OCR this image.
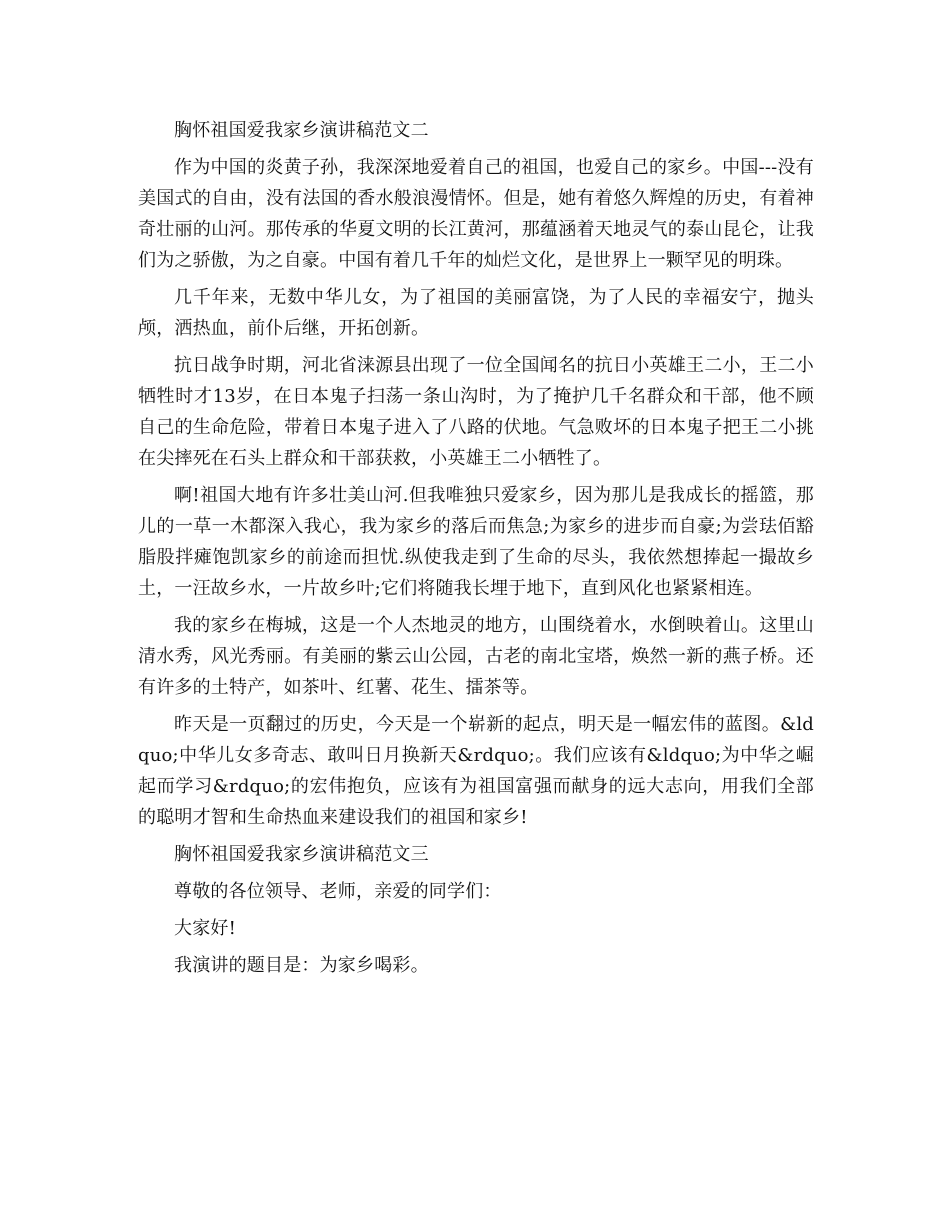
胸怀祖国爱我家乡演讲稿范文二

作为中国的炎黄子孙，我深深地爱着自己的祖国，也爱自己的家乡。中国---没有美国式的自由，没有法国的香水般浪漫情怀。但是，她有着悠久辉煌的历史，有着神奇壮丽的山河。那传承的华夏文明的长江黄河，那蕴涵着天地灵气的泰山昆仑，让我们为之骄傲，为之自豪。中国有着几千年的灿烂文化，是世界上一颗罕见的明珠。

几千年来，无数中华儿女，为了祖国的美丽富饶，为了人民的幸福安宁，抛头颅，洒热血，前仆后继，开拓创新。

抗日战争时期，河北省涞源县出现了一位全国闻名的抗日小英雄王二小，王二小牺牲时才13岁，在日本鬼子扫荡一条山沟时，为了掩护几千名群众和干部，他不顾自己的生命危险，带着日本鬼子进入了八路的伏地。气急败坏的日本鬼子把王二小挑在尖摔死在石头上群众和干部获救，小英雄王二小牺牲了。

啊!祖国大地有许多壮美山河.但我唯独只爱家乡，因为那儿是我成长的摇篮，那儿的一草一木都深入我心，我为家乡的落后而焦急;为家乡的进步而自豪;为尝珐佰豁脂股拌瘫饱凯家乡的前途而担忧.纵使我走到了生命的尽头，我依然想捧起一撮故乡土，一汪故乡水，一片故乡叶;它们将随我长埋于地下，直到风化也紧紧相连。

我的家乡在梅城，这是一个人杰地灵的地方，山围绕着水，水倒映着山。这里山清水秀，风光秀丽。有美丽的紫云山公园，古老的南北宝塔，焕然一新的燕子桥。还有许多的土特产，如茶叶、红薯、花生、擂茶等。

昨天是一页翻过的历史，今天是一个崭新的起点，明天是一幅宏伟的蓝图。&ldquo;中华儿女多奇志、敢叫日月换新天&rdquo;。我们应该有&ldquo;为中华之崛起而学习&rdquo;的宏伟抱负，应该有为祖国富强而献身的远大志向，用我们全部的聪明才智和生命热血来建设我们的祖国和家乡!

胸怀祖国爱我家乡演讲稿范文三

尊敬的各位领导、老师，亲爱的同学们：

大家好!

我演讲的题目是：为家乡喝彩。
